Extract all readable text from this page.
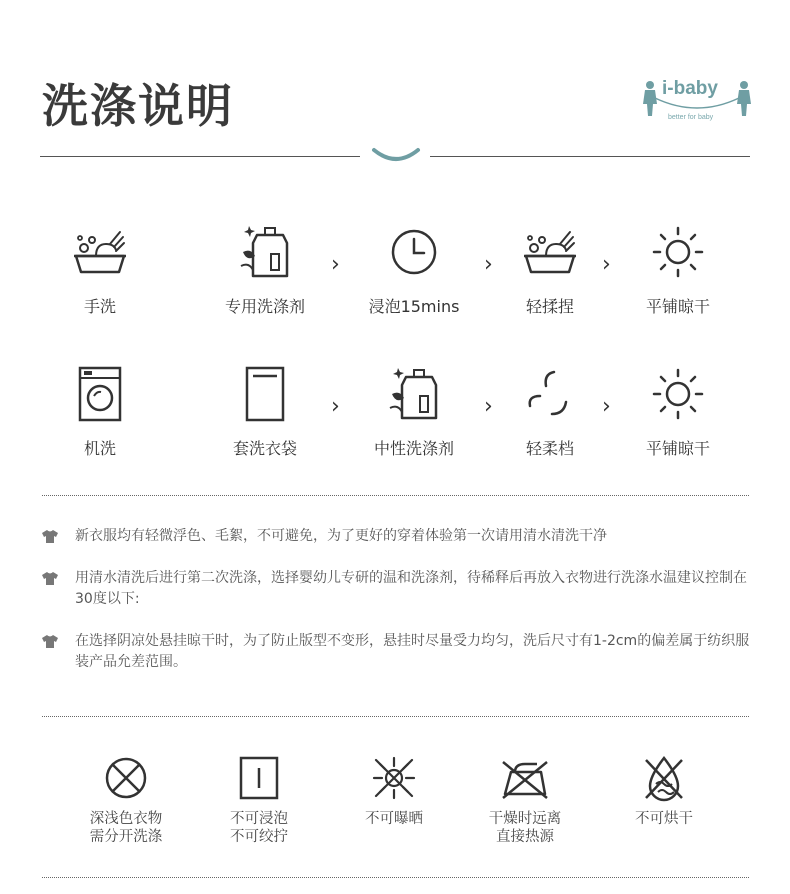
洗涤说明	i-baby
better for baby
手洗	专用洗涤剂
›
浸泡15mins
›
轻揉捏
›
平铺晾干
机洗	套洗衣袋
›
中性洗涤剂
›
轻柔档
›
平铺晾干
新衣服均有轻微浮色、毛絮，不可避免，为了更好的穿着体验第一次请用清水清洗干净
用清水清洗后进行第二次洗涤，选择婴幼儿专研的温和洗涤剂，待稀释后再放入衣物进行洗涤水温建议控制在30度以下:
在选择阴凉处悬挂晾干时，为了防止版型不变形，悬挂时尽量受力均匀，洗后尺寸有1-2cm的偏差属于纺织服装产品允差范围。
深浅色衣物
需分开洗涤
不可浸泡
不可绞拧
不可曝晒	干燥时远离
直接热源
不可烘干
